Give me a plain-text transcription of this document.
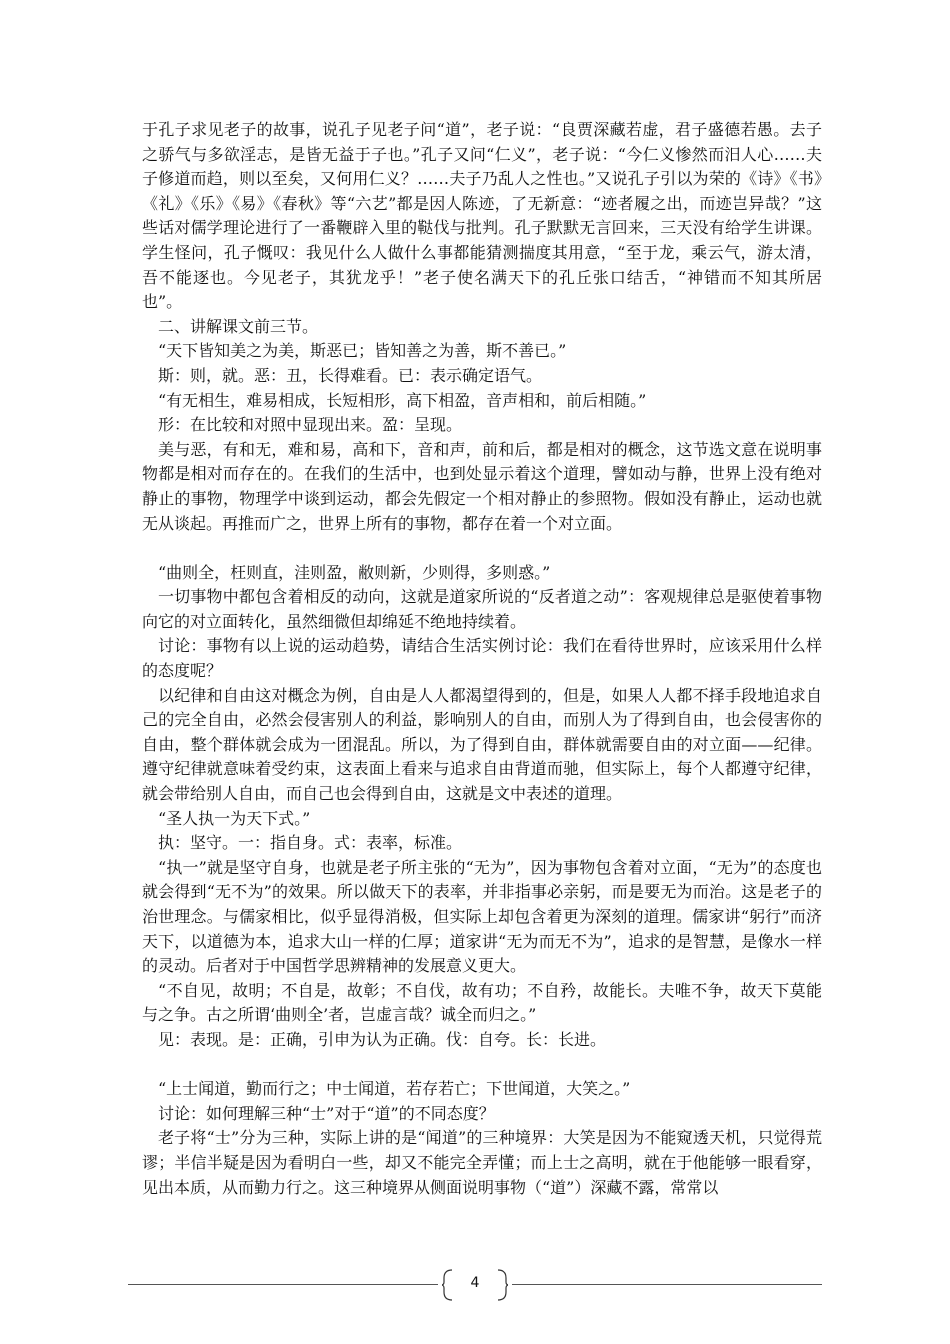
于孔子求见老子的故事，说孔子见老子问“道”，老子说：“良贾深藏若虚，君子盛德若愚。去子之骄气与多欲淫志，是皆无益于子也。”孔子又问“仁义”，老子说：“今仁义惨然而汨人心……夫子修道而趋，则以至矣，又何用仁义？……夫子乃乱人之性也。”又说孔子引以为荣的《诗》《书》《礼》《乐》《易》《春秋》等“六艺”都是因人陈迹，了无新意：“迹者履之出，而迹岂异哉？”这些话对儒学理论进行了一番鞭辟入里的鞑伐与批判。孔子默默无言回来，三天没有给学生讲课。学生怪问，孔子慨叹：我见什么人做什么事都能猜测揣度其用意，“至于龙，乘云气，游太清，吾不能逐也。今见老子，其犹龙乎！”老子使名满天下的孔丘张口结舌，“神错而不知其所居也”。

二、讲解课文前三节。

“天下皆知美之为美，斯恶已；皆知善之为善，斯不善已。”

斯：则，就。恶：丑，长得难看。已：表示确定语气。

“有无相生，难易相成，长短相形，高下相盈，音声相和，前后相随。”

形：在比较和对照中显现出来。盈：呈现。

美与恶，有和无，难和易，高和下，音和声，前和后，都是相对的概念，这节选文意在说明事物都是相对而存在的。在我们的生活中，也到处显示着这个道理，譬如动与静，世界上没有绝对静止的事物，物理学中谈到运动，都会先假定一个相对静止的参照物。假如没有静止，运动也就无从谈起。再推而广之，世界上所有的事物，都存在着一个对立面。

“曲则全，枉则直，洼则盈，敝则新，少则得，多则惑。”

一切事物中都包含着相反的动向，这就是道家所说的“反者道之动”：客观规律总是驱使着事物向它的对立面转化，虽然细微但却绵延不绝地持续着。

讨论：事物有以上说的运动趋势，请结合生活实例讨论：我们在看待世界时，应该采用什么样的态度呢？

以纪律和自由这对概念为例，自由是人人都渴望得到的，但是，如果人人都不择手段地追求自己的完全自由，必然会侵害别人的利益，影响别人的自由，而别人为了得到自由，也会侵害你的自由，整个群体就会成为一团混乱。所以，为了得到自由，群体就需要自由的对立面——纪律。遵守纪律就意味着受约束，这表面上看来与追求自由背道而驰，但实际上，每个人都遵守纪律，就会带给别人自由，而自己也会得到自由，这就是文中表述的道理。

“圣人执一为天下式。”

执：坚守。一：指自身。式：表率，标准。

“执一”就是坚守自身，也就是老子所主张的“无为”，因为事物包含着对立面，“无为”的态度也就会得到“无不为”的效果。所以做天下的表率，并非指事必亲躬，而是要无为而治。这是老子的治世理念。与儒家相比，似乎显得消极，但实际上却包含着更为深刻的道理。儒家讲“躬行”而济天下，以道德为本，追求大山一样的仁厚；道家讲“无为而无不为”，追求的是智慧，是像水一样的灵动。后者对于中国哲学思辨精神的发展意义更大。

“不自见，故明；不自是，故彰；不自伐，故有功；不自矜，故能长。夫唯不争，故天下莫能与之争。古之所谓‘曲则全’者，岂虚言哉？诚全而归之。”

见：表现。是：正确，引申为认为正确。伐：自夸。长：长进。

“上士闻道，勤而行之；中士闻道，若存若亡；下世闻道，大笑之。”

讨论：如何理解三种“士”对于“道”的不同态度？

老子将“士”分为三种，实际上讲的是“闻道”的三种境界：大笑是因为不能窥透天机，只觉得荒谬；半信半疑是因为看明白一些，却又不能完全弄懂；而上士之高明，就在于他能够一眼看穿，见出本质，从而勤力行之。这三种境界从侧面说明事物（“道”）深藏不露，常常以

4
